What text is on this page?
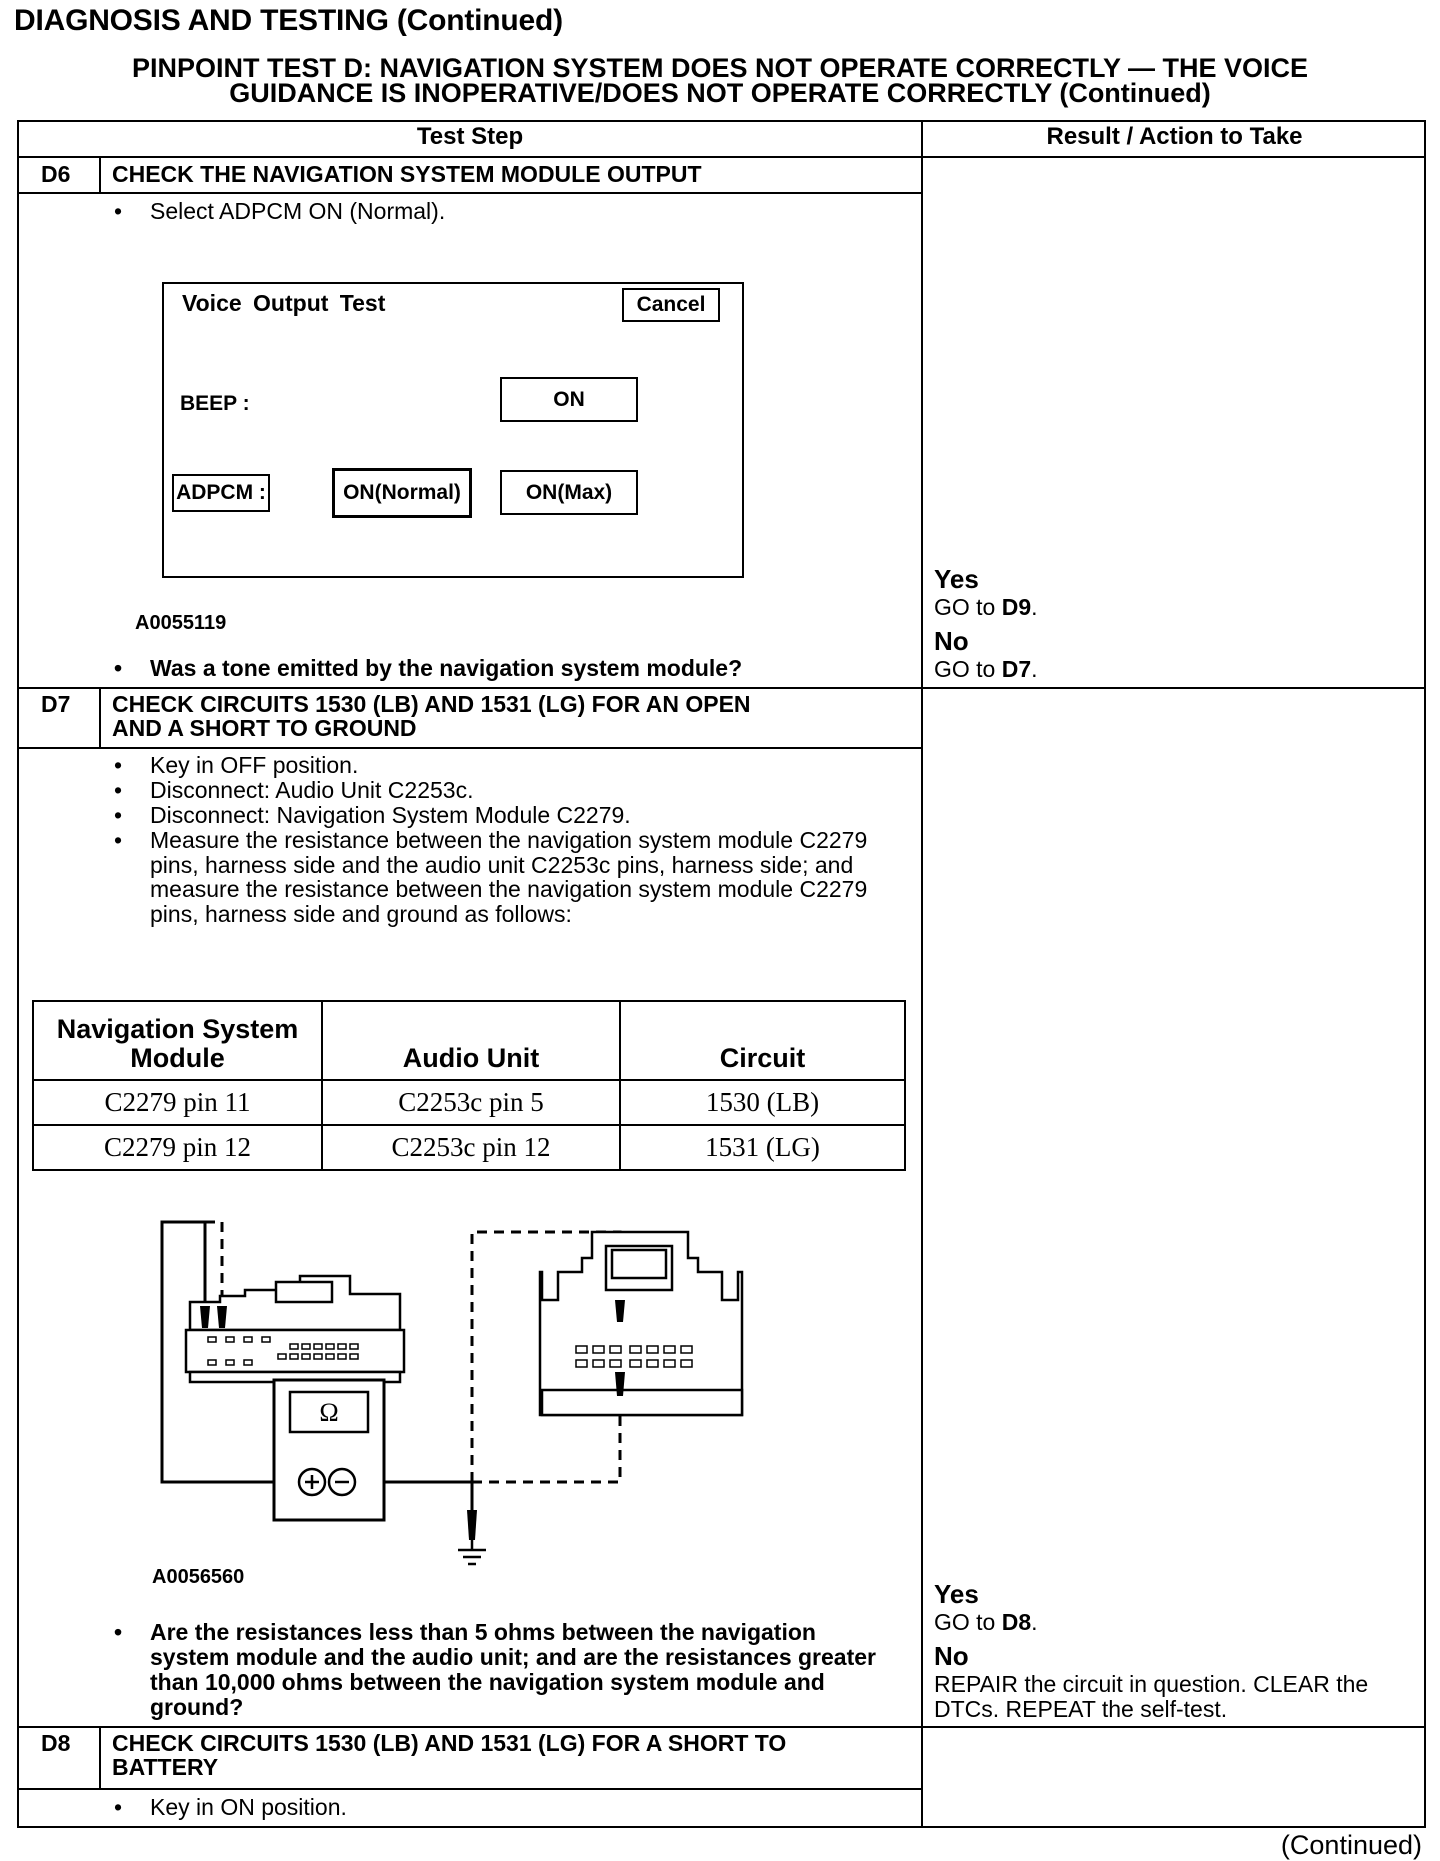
DIAGNOSIS AND TESTING (Continued)
PINPOINT TEST D: NAVIGATION SYSTEM DOES NOT OPERATE CORRECTLY — THE VOICE
GUIDANCE IS INOPERATIVE/DOES NOT OPERATE CORRECTLY (Continued)
Test Step	Result / Action to Take
D6 CHECK THE NAVIGATION SYSTEM MODULE OUTPUT
• Select ADPCM ON (Normal).
Voice Output Test	Cancel
BEEP :	ON
ADPCM :	ON(Normal)	ON(Max)
A0055119
• Was a tone emitted by the navigation system module?
Yes
GO to D9.
No
GO to D7.
D7 CHECK CIRCUITS 1530 (LB) AND 1531 (LG) FOR AN OPEN
AND A SHORT TO GROUND
• Key in OFF position.
• Disconnect: Audio Unit C2253c.
• Disconnect: Navigation System Module C2279.
• Measure the resistance between the navigation system module C2279 pins, harness side and the audio unit C2253c pins, harness side; and measure the resistance between the navigation system module C2279 pins, harness side and ground as follows:
Navigation System Module	Audio Unit	Circuit
C2279 pin 11	C2253c pin 5	1530 (LB)
C2279 pin 12	C2253c pin 12	1531 (LG)
Ω
A0056560
• Are the resistances less than 5 ohms between the navigation system module and the audio unit; and are the resistances greater than 10,000 ohms between the navigation system module and ground?
Yes
GO to D8.
No
REPAIR the circuit in question. CLEAR the DTCs. REPEAT the self-test.
D8 CHECK CIRCUITS 1530 (LB) AND 1531 (LG) FOR A SHORT TO
BATTERY
• Key in ON position.
(Continued)
